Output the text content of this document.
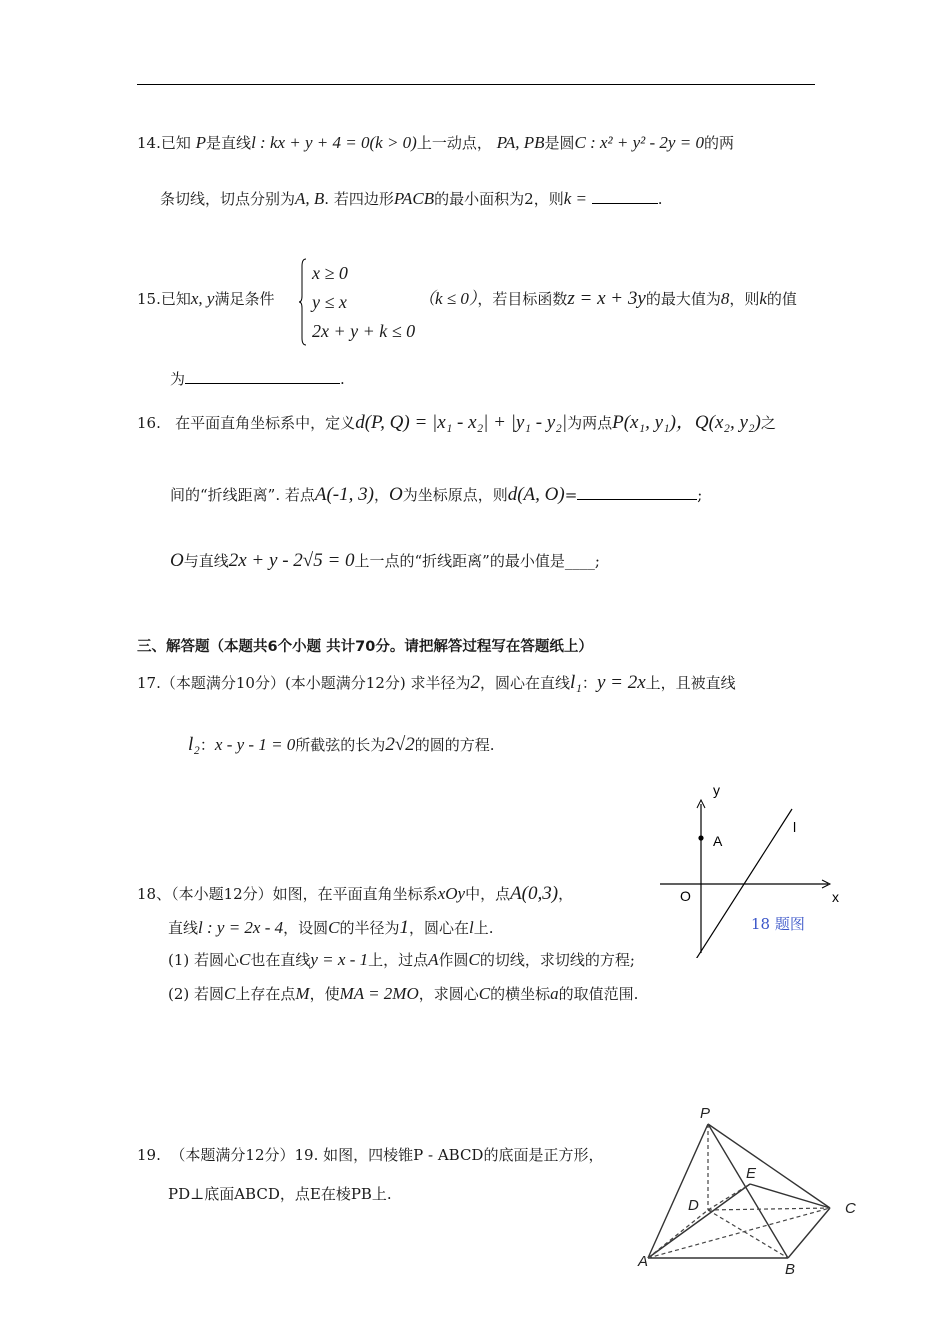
14.已知 P是直线l : kx + y + 4 = 0(k > 0)上一动点， PA, PB是圆C : x² + y² - 2y = 0的两
条切线，切点分别为A, B. 若四边形PACB的最小面积为2，则k =	.
15.已知x, y满足条件
x ≥ 0
y ≤ x
2x + y + k ≤ 0
（k ≤ 0），若目标函数z = x + 3y的最大值为8，则k的值
为	.
16. 在平面直角坐标系中，定义d(P, Q) = |x₁ - x₂| + |y₁ - y₂|为两点P(x₁, y₁)，Q(x₂, y₂)之
间的“折线距离”. 若点A(-1, 3)，O为坐标原点，则d(A, O)=	;
O与直线2x + y - 2√5 = 0上一点的“折线距离”的最小值是____;
三、解答题（本题共6个小题 共计70分。请把解答过程写在答题纸上）
17.（本题满分10分）(本小题满分12分) 求半径为2，圆心在直线l₁：y = 2x上，且被直线
l₂：x - y - 1 = 0所截弦的长为2√2的圆的方程.
y
x
O
A
l
18 题图
18、（本小题12分）如图，在平面直角坐标系xOy中，点A(0,3)，
直线l : y = 2x - 4，设圆C的半径为1，圆心在l上.
(1) 若圆心C也在直线y = x - 1上，过点A作圆C的切线，求切线的方程;
(2) 若圆C上存在点M，使MA = 2MO，求圆心C的横坐标a的取值范围.
19. （本题满分12分）19. 如图，四棱锥P - ABCD的底面是正方形，
PD⊥底面ABCD，点E在棱PB上.
P
E
D	C
A	B
